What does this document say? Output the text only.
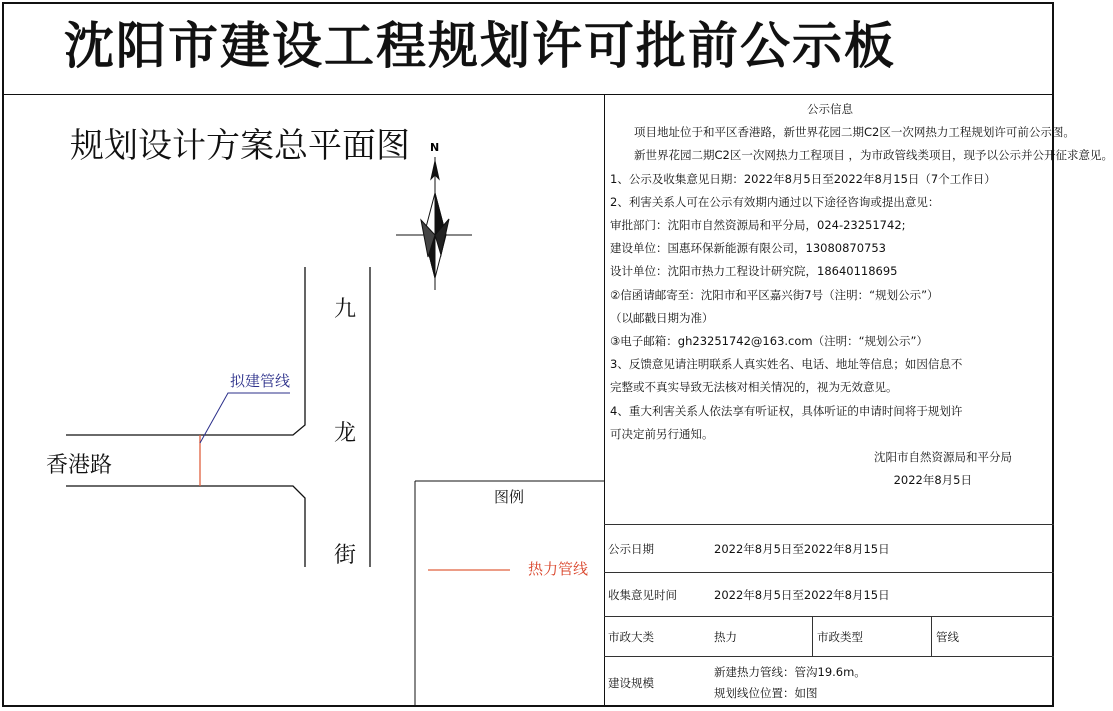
沈阳市建设工程规划许可批前公示板
规划设计方案总平面图 N
拟建管线
香港路
九
龙
街
图例
热力管线

公示信息

项目地址位于和平区香港路，新世界花园二期C2区一次网热力工程规划许可前公示图。

新世界花园二期C2区一次网热力工程项目 ，为市政管线类项目，现予以公示并公开征求意见。

1、公示及收集意见日期：2022年8月5日至2022年8月15日（7个工作日）

2、利害关系人可在公示有效期内通过以下途径咨询或提出意见：

审批部门：沈阳市自然资源局和平分局，024-23251742;

建设单位：国惠环保新能源有限公司，13080870753

设计单位：沈阳市热力工程设计研究院，18640118695

②信函请邮寄至：沈阳市和平区嘉兴街7号（注明：“规划公示”）

（以邮戳日期为准）

③电子邮箱：gh23251742@163.com（注明：“规划公示”）

3、反馈意见请注明联系人真实姓名、电话、地址等信息；如因信息不

完整或不真实导致无法核对相关情况的，视为无效意见。

4、重大利害关系人依法享有听证权，具体听证的申请时间将于规划许

可决定前另行通知。

沈阳市自然资源局和平分局

2022年8月5日

公示日期	2022年8月5日至2022年8月15日		
收集意见时间	2022年8月5日至2022年8月15日		
市政大类	热力	市政类型	管线
建设规模	新建热力管线：管沟19.6m。
规划线位位置：如图		
